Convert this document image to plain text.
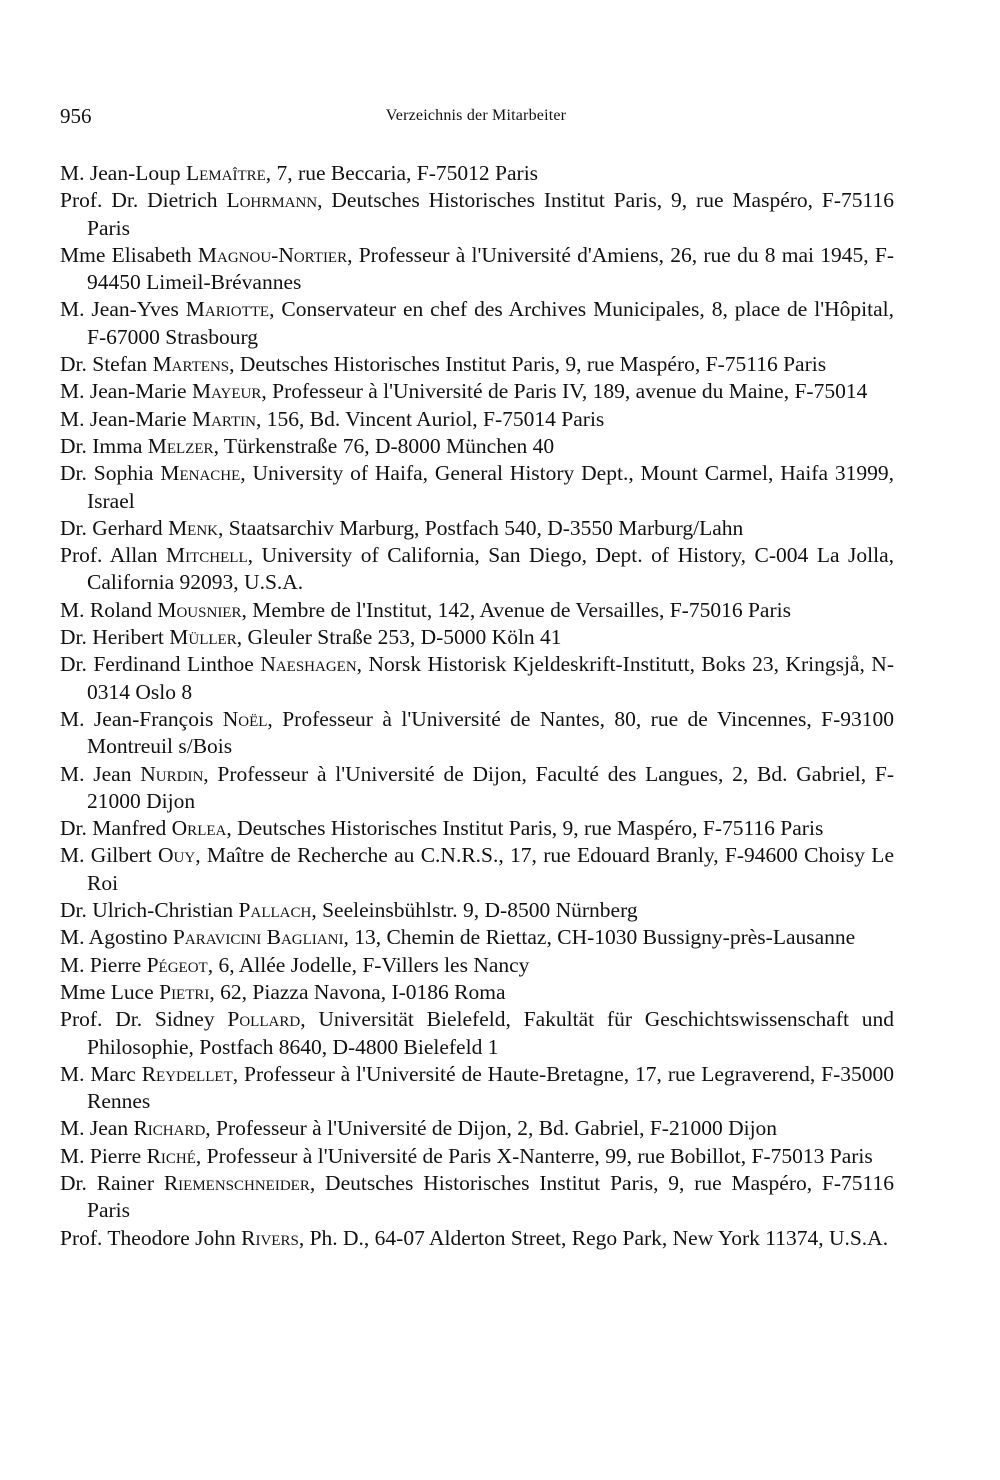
956	Verzeichnis der Mitarbeiter
M. Jean-Loup Lemaître, 7, rue Beccaria, F-75012 Paris
Prof. Dr. Dietrich Lohrmann, Deutsches Historisches Institut Paris, 9, rue Maspéro, F-75116 Paris
Mme Elisabeth Magnou-Nortier, Professeur à l'Université d'Amiens, 26, rue du 8 mai 1945, F-94450 Limeil-Brévannes
M. Jean-Yves Mariotte, Conservateur en chef des Archives Municipales, 8, place de l'Hôpital, F-67000 Strasbourg
Dr. Stefan Martens, Deutsches Historisches Institut Paris, 9, rue Maspéro, F-75116 Paris
M. Jean-Marie Mayeur, Professeur à l'Université de Paris IV, 189, avenue du Maine, F-75014
M. Jean-Marie Martin, 156, Bd. Vincent Auriol, F-75014 Paris
Dr. Imma Melzer, Türkenstraße 76, D-8000 München 40
Dr. Sophia Menache, University of Haifa, General History Dept., Mount Carmel, Haifa 31999, Israel
Dr. Gerhard Menk, Staatsarchiv Marburg, Postfach 540, D-3550 Marburg/Lahn
Prof. Allan Mitchell, University of California, San Diego, Dept. of History, C-004 La Jolla, California 92093, U.S.A.
M. Roland Mousnier, Membre de l'Institut, 142, Avenue de Versailles, F-75016 Paris
Dr. Heribert Müller, Gleuler Straße 253, D-5000 Köln 41
Dr. Ferdinand Linthoe Naeshagen, Norsk Historisk Kjeldeskrift-Institutt, Boks 23, Kringsjå, N-0314 Oslo 8
M. Jean-François Noël, Professeur à l'Université de Nantes, 80, rue de Vincennes, F-93100 Montreuil s/Bois
M. Jean Nurdin, Professeur à l'Université de Dijon, Faculté des Langues, 2, Bd. Gabriel, F-21000 Dijon
Dr. Manfred Orlea, Deutsches Historisches Institut Paris, 9, rue Maspéro, F-75116 Paris
M. Gilbert Ouy, Maître de Recherche au C.N.R.S., 17, rue Edouard Branly, F-94600 Choisy Le Roi
Dr. Ulrich-Christian Pallach, Seeleinsbühlstr. 9, D-8500 Nürnberg
M. Agostino Paravicini Bagliani, 13, Chemin de Riettaz, CH-1030 Bussigny-près-Lausanne
M. Pierre Pégeot, 6, Allée Jodelle, F-Villers les Nancy
Mme Luce Pietri, 62, Piazza Navona, I-0186 Roma
Prof. Dr. Sidney Pollard, Universität Bielefeld, Fakultät für Geschichtswissenschaft und Philosophie, Postfach 8640, D-4800 Bielefeld 1
M. Marc Reydellet, Professeur à l'Université de Haute-Bretagne, 17, rue Legraverend, F-35000 Rennes
M. Jean Richard, Professeur à l'Université de Dijon, 2, Bd. Gabriel, F-21000 Dijon
M. Pierre Riché, Professeur à l'Université de Paris X-Nanterre, 99, rue Bobillot, F-75013 Paris
Dr. Rainer Riemenschneider, Deutsches Historisches Institut Paris, 9, rue Maspéro, F-75116 Paris
Prof. Theodore John Rivers, Ph. D., 64-07 Alderton Street, Rego Park, New York 11374, U.S.A.
